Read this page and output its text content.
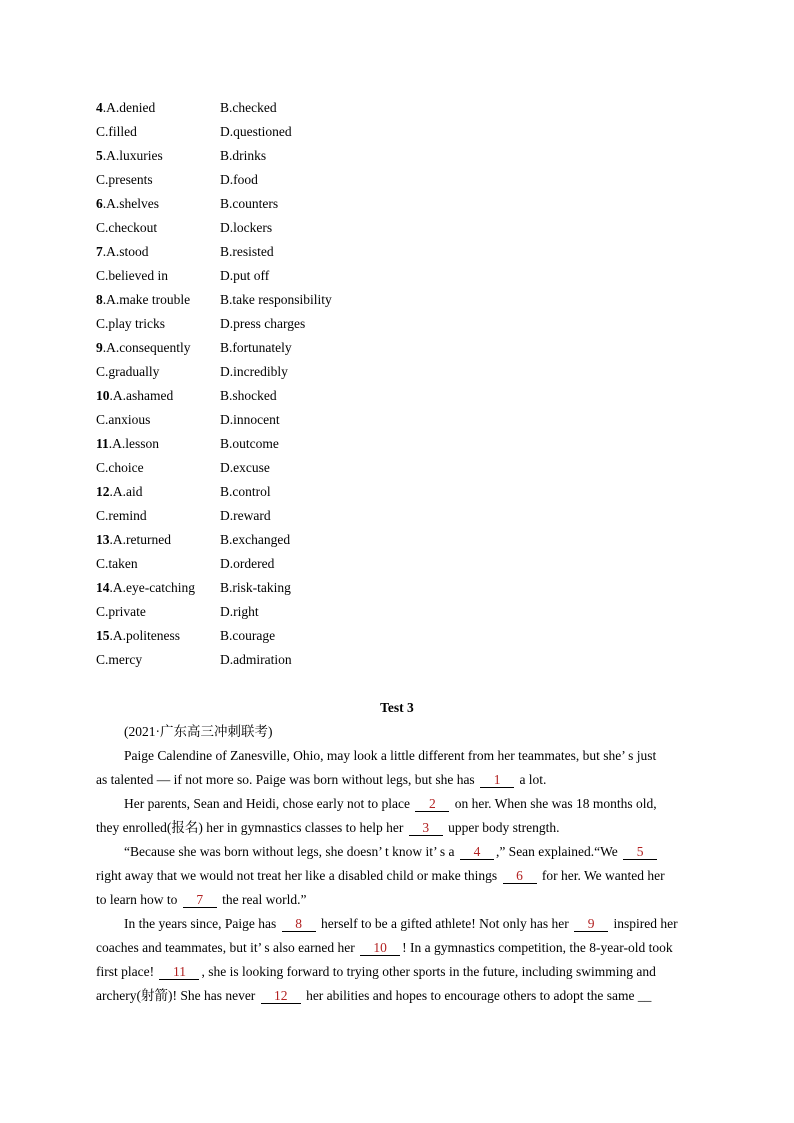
4.A.denied	B.checked
C.filled	D.questioned
5.A.luxuries	B.drinks
C.presents	D.food
6.A.shelves	B.counters
C.checkout	D.lockers
7.A.stood	B.resisted
C.believed in	D.put off
8.A.make trouble B.take responsibility
C.play tricks	D.press charges
9.A.consequently B.fortunately
C.gradually	D.incredibly
10.A.ashamed	B.shocked
C.anxious	D.innocent
11.A.lesson	B.outcome
C.choice	D.excuse
12.A.aid	B.control
C.remind	D.reward
13.A.returned	B.exchanged
C.taken	D.ordered
14.A.eye-catching B.risk-taking
C.private	D.right
15.A.politeness	B.courage
C.mercy	D.admiration
Test 3
(2021·广东高三冲刺联考)
Paige Calendine of Zanesville, Ohio, may look a little different from her teammates, but she’ s just
as talented — if not more so. Paige was born without legs, but she has 1 a lot.
Her parents, Sean and Heidi, chose early not to place 2 on her. When she was 18 months old,
they enrolled(报名) her in gymnastics classes to help her 3 upper body strength.
“Because she was born without legs, she doesn’ t know it’ s a 4 ,” Sean explained.“We 5
right away that we would not treat her like a disabled child or make things 6 for her. We wanted her
to learn how to 7 the real world.”
In the years since, Paige has 8 herself to be a gifted athlete! Not only has her 9 inspired her
coaches and teammates, but it’ s also earned her 10 ! In a gymnastics competition, the 8-year-old took
first place! 11 , she is looking forward to trying other sports in the future, including swimming and
archery(射箭)! She has never 12 her abilities and hopes to encourage others to adopt the same __
